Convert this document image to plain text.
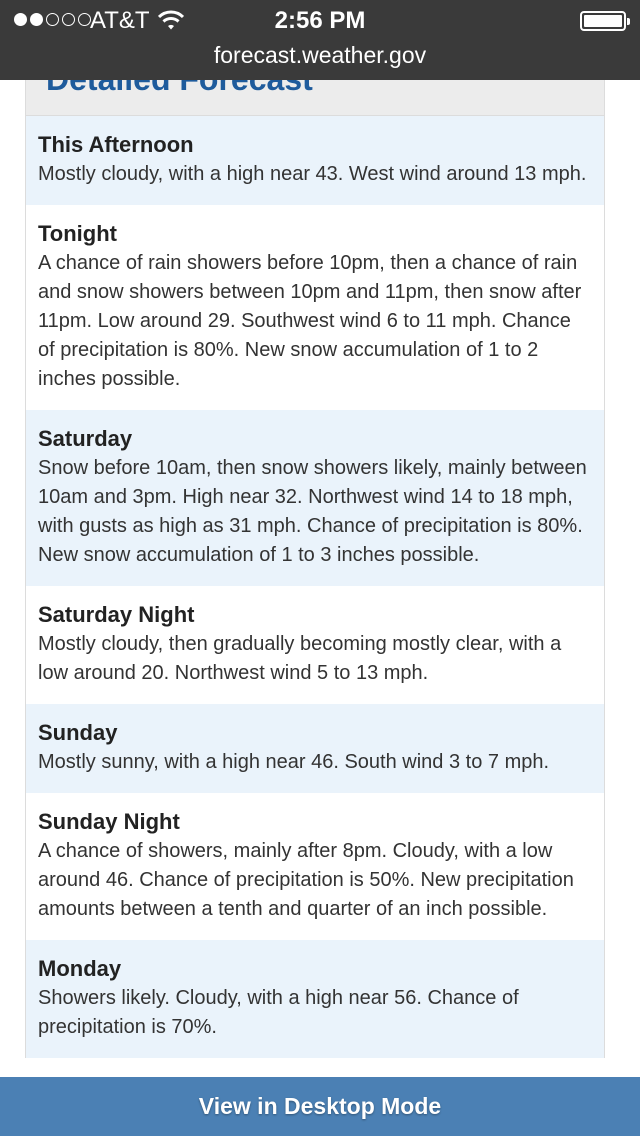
AT&T	2:56 PM
forecast.weather.gov
This Afternoon
Mostly cloudy, with a high near 43. West wind around 13 mph.
Tonight
A chance of rain showers before 10pm, then a chance of rain and snow showers between 10pm and 11pm, then snow after 11pm. Low around 29. Southwest wind 6 to 11 mph. Chance of precipitation is 80%. New snow accumulation of 1 to 2 inches possible.
Saturday
Snow before 10am, then snow showers likely, mainly between 10am and 3pm. High near 32. Northwest wind 14 to 18 mph, with gusts as high as 31 mph. Chance of precipitation is 80%. New snow accumulation of 1 to 3 inches possible.
Saturday Night
Mostly cloudy, then gradually becoming mostly clear, with a low around 20. Northwest wind 5 to 13 mph.
Sunday
Mostly sunny, with a high near 46. South wind 3 to 7 mph.
Sunday Night
A chance of showers, mainly after 8pm. Cloudy, with a low around 46. Chance of precipitation is 50%. New precipitation amounts between a tenth and quarter of an inch possible.
Monday
Showers likely. Cloudy, with a high near 56. Chance of precipitation is 70%.
View in Desktop Mode
